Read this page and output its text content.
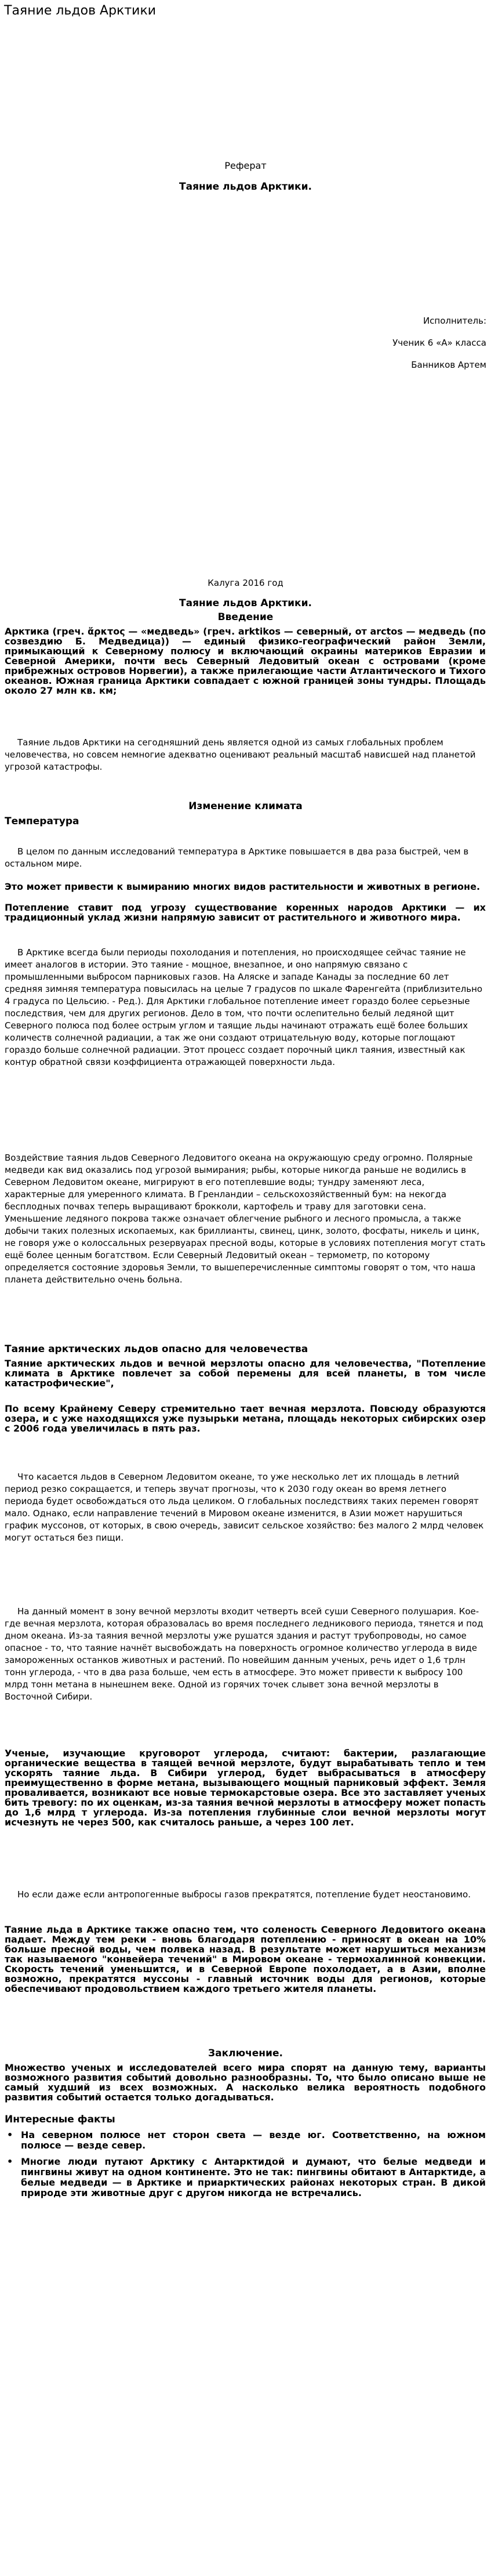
Таяние льдов Арктики
Реферат
Таяние льдов Арктики.
Исполнитель:
Ученик 6 «А» класса
Банников Артем
Калуга 2016 год
Таяние льдов Арктики.
Введение
Арктика (греч. ἄρκτος — «медведь» (греч. arktikos — северный, от arctos — медведь (по созвездию Б. Медведица)) — единый физико-географический район Земли, примыкающий к Северному полюсу и включающий окраины материков Евразии и Северной Америки, почти весь Северный Ледовитый океан с островами (кроме прибрежных островов Норвегии), а также прилегающие части Атлантического и Тихого океанов. Южная граница Арктики совпадает с южной границей зоны тундры. Площадь около 27 млн кв. км;
Таяние льдов Арктики на сегодняшний день является одной из самых глобальных проблем человечества, но совсем немногие адекватно оценивают реальный масштаб нависшей над планетой угрозой катастрофы.
Изменение климата
Температура
В целом по данным исследований температура в Арктике повышается в два раза быстрей, чем в остальном мире.
Это может привести к вымиранию многих видов растительности и животных в регионе.
Потепление ставит под угрозу существование коренных народов Арктики — их традиционный уклад жизни напрямую зависит от растительного и животного мира.
В Арктике всегда были периоды похолодания и потепления, но происходящее сейчас таяние не имеет аналогов в истории. Это таяние - мощное, внезапное, и оно напрямую связано с промышленными выбросом парниковых газов. На Аляске и западе Канады за последние 60 лет средняя зимняя температура повысилась на целые 7 градусов по шкале Фаренгейта (приблизительно 4 градуса по Цельсию. - Ред.). Для Арктики глобальное потепление имеет гораздо более серьезные последствия, чем для других регионов. Дело в том, что почти ослепительно белый ледяной щит Северного полюса под более острым углом и таящие льды начинают отражать ещё более больших количеств солнечной радиации, а так же они создают отрицательную воду, которые поглощают гораздо больше солнечной радиации. Этот процесс создает порочный цикл таяния, известный как контур обратной связи коэффициента отражающей поверхности льда.
Воздействие таяния льдов Северного Ледовитого океана на окружающую среду огромно. Полярные медведи как вид оказались под угрозой вымирания; рыбы, которые никогда раньше не водились в Северном Ледовитом океане, мигрируют в его потеплевшие воды; тундру заменяют леса, характерные для умеренного климата. В Гренландии – сельскохозяйственный бум: на некогда бесплодных почвах теперь выращивают брокколи, картофель и траву для заготовки сена. Уменьшение ледяного покрова также означает облегчение рыбного и лесного промысла, а также добычи таких полезных ископаемых, как бриллианты, свинец, цинк, золото, фосфаты, никель и цинк, не говоря уже о колоссальных резервуарах пресной воды, которые в условиях потепления могут стать ещё более ценным богатством. Если Северный Ледовитый океан – термометр, по которому определяется состояние здоровья Земли, то вышеперечисленные симптомы говорят о том, что наша планета действительно очень больна.
Таяние арктических льдов опасно для человечества
Таяние арктических льдов и вечной мерзлоты опасно для человечества, "Потепление климата в Арктике повлечет за собой перемены для всей планеты, в том числе катастрофические",
По всему Крайнему Северу стремительно тает вечная мерзлота. Повсюду образуются озера, и с уже находящихся уже пузырьки метана, площадь некоторых сибирских озер с 2006 года увеличилась в пять раз.
Что касается льдов в Северном Ледовитом океане, то уже несколько лет их площадь в летний период резко сокращается, и теперь звучат прогнозы, что к 2030 году океан во время летнего периода будет освобождаться ото льда целиком. О глобальных последствиях таких перемен говорят мало. Однако, если направление течений в Мировом океане изменится, в Азии может нарушиться график муссонов, от которых, в свою очередь, зависит сельское хозяйство: без малого 2 млрд человек могут остаться без пищи.
На данный момент в зону вечной мерзлоты входит четверть всей суши Северного полушария. Кое-где вечная мерзлота, которая образовалась во время последнего ледникового периода, тянется и под дном океана. Из-за таяния вечной мерзлоты уже рушатся здания и растут трубопроводы, но самое опасное - то, что таяние начнёт высвобождать на поверхность огромное количество углерода в виде замороженных останков животных и растений. По новейшим данным ученых, речь идет о 1,6 трлн тонн углерода, - что в два раза больше, чем есть в атмосфере. Это может привести к выбросу 100 млрд тонн метана в нынешнем веке. Одной из горячих точек слывет зона вечной мерзлоты в Восточной Сибири.
Ученые, изучающие круговорот углерода, считают: бактерии, разлагающие органические вещества в таящей вечной мерзлоте, будут вырабатывать тепло и тем ускорять таяние льда. В Сибири углерод, будет выбрасываться в атмосферу преимущественно в форме метана, вызывающего мощный парниковый эффект. Земля проваливается, возникают все новые термокарстовые озера. Все это заставляет ученых бить тревогу: по их оценкам, из-за таяния вечной мерзлоты в атмосферу может попасть до 1,6 млрд т углерода. Из-за потепления глубинные слои вечной мерзлоты могут исчезнуть не через 500, как считалось раньше, а через 100 лет.
Но если даже если антропогенные выбросы газов прекратятся, потепление будет неостановимо.
Таяние льда в Арктике также опасно тем, что соленость Северного Ледовитого океана падает. Между тем реки - вновь благодаря потеплению - приносят в океан на 10% больше пресной воды, чем полвека назад. В результате может нарушиться механизм так называемого "конвейера течений" в Мировом океане - термохалинной конвекции. Скорость течений уменьшится, и в Северной Европе похолодает, а в Азии, вполне возможно, прекратятся муссоны - главный источник воды для регионов, которые обеспечивают продовольствием каждого третьего жителя планеты.
Заключение.
Множество ученых и исследователей всего мира спорят на данную тему, варианты возможного развития событий довольно разнообразны. То, что было описано выше не самый худший из всех возможных. А насколько велика вероятность подобного развития событий остается только догадываться.
Интересные факты
• На северном полюсе нет сторон света — везде юг. Соответственно, на южном полюсе — везде север.
• Многие люди путают Арктику с Антарктидой и думают, что белые медведи и пингвины живут на одном континенте. Это не так: пингвины обитают в Антарктиде, а белые медведи — в Арктике и приарктических районах некоторых стран. В дикой природе эти животные друг с другом никогда не встречались.
